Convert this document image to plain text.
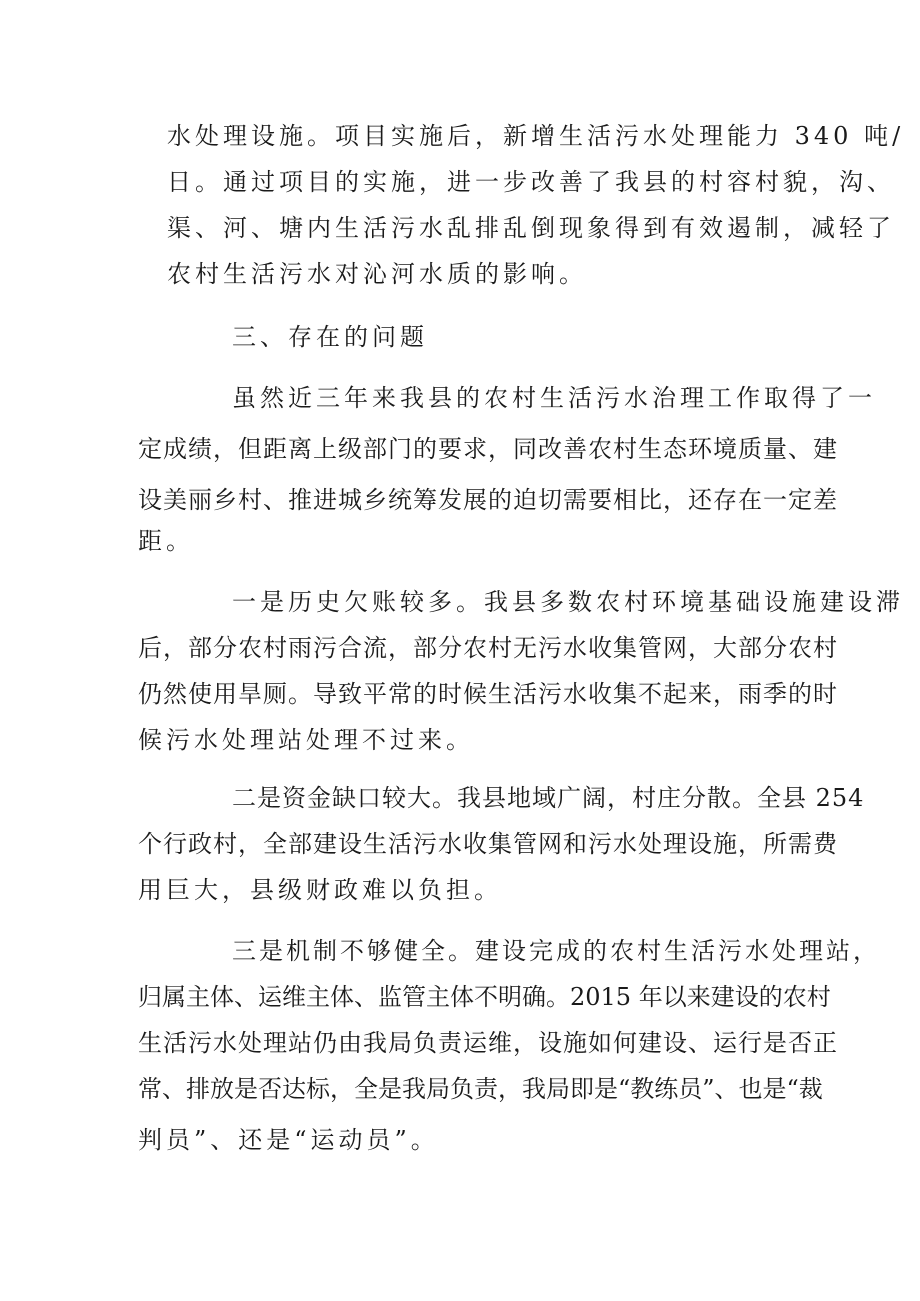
水处理设施。项目实施后，新增生活污水处理能力 340 吨/
日。通过项目的实施，进一步改善了我县的村容村貌，沟、
渠、河、塘内生活污水乱排乱倒现象得到有效遏制，减轻了
农村生活污水对沁河水质的影响。
三、存在的问题
虽然近三年来我县的农村生活污水治理工作取得了一
定成绩，但距离上级部门的要求，同改善农村生态环境质量、建
设美丽乡村、推进城乡统筹发展的迫切需要相比，还存在一定差
距。
一是历史欠账较多。我县多数农村环境基础设施建设滞
后，部分农村雨污合流，部分农村无污水收集管网，大部分农村
仍然使用旱厕。导致平常的时候生活污水收集不起来，雨季的时
候污水处理站处理不过来。
二是资金缺口较大。我县地域广阔，村庄分散。全县 254
个行政村，全部建设生活污水收集管网和污水处理设施，所需费
用巨大，县级财政难以负担。
三是机制不够健全。建设完成的农村生活污水处理站，
归属主体、运维主体、监管主体不明确。2015 年以来建设的农村
生活污水处理站仍由我局负责运维，设施如何建设、运行是否正
常、排放是否达标，全是我局负责，我局即是“教练员”、也是“裁
判员”、还是“运动员”。
